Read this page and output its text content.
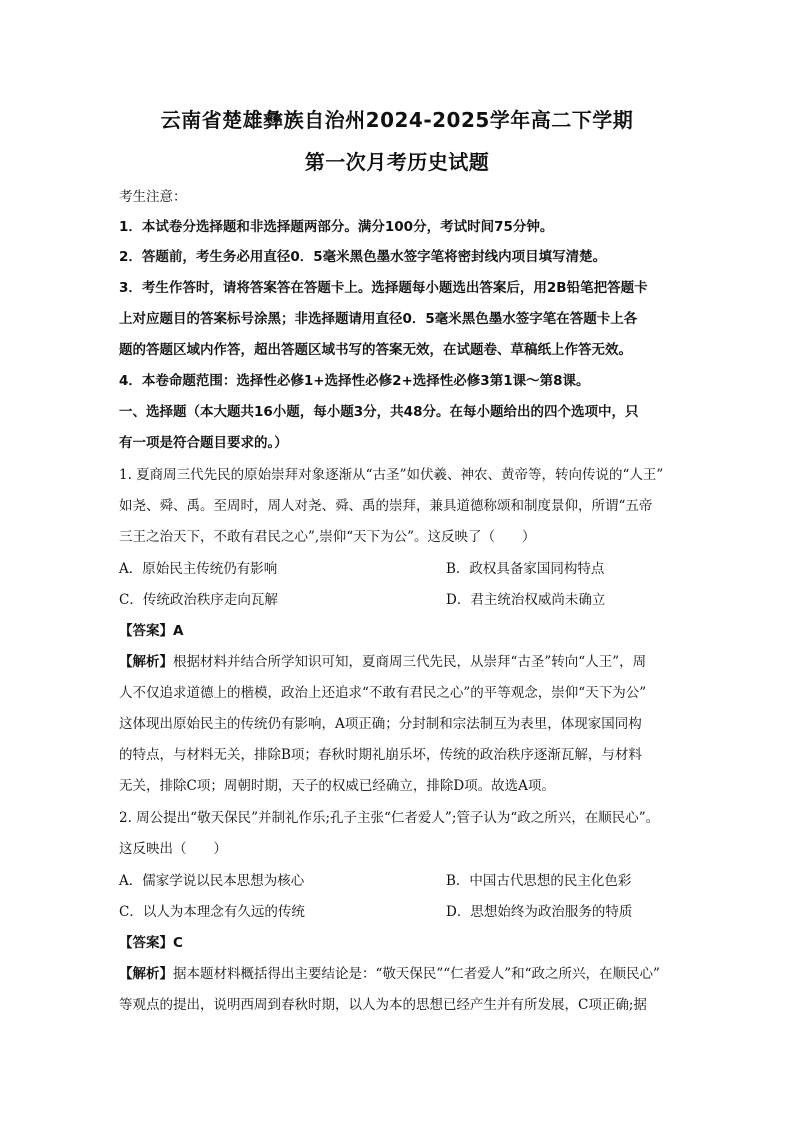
云南省楚雄彝族自治州2024-2025学年高二下学期
第一次月考历史试题
考生注意：
1．本试卷分选择题和非选择题两部分。满分100分，考试时间75分钟。
2．答题前，考生务必用直径0．5毫米黑色墨水签字笔将密封线内项目填写清楚。
3．考生作答时，请将答案答在答题卡上。选择题每小题选出答案后，用2B铅笔把答题卡
上对应题目的答案标号涂黑；非选择题请用直径0．5毫米黑色墨水签字笔在答题卡上各
题的答题区域内作答，超出答题区域书写的答案无效，在试题卷、草稿纸上作答无效。
4．本卷命题范围：选择性必修1+选择性必修2+选择性必修3第1课～第8课。
一、选择题（本大题共16小题，每小题3分，共48分。在每小题给出的四个选项中，只
有一项是符合题目要求的。）
1. 夏商周三代先民的原始崇拜对象逐渐从“古圣”如伏羲、神农、黄帝等，转向传说的“人王”
如尧、舜、禹。至周时，周人对尧、舜、禹的崇拜，兼具道德称颂和制度景仰，所谓“五帝
三王之治天下，不敢有君民之心”,崇仰“天下为公”。这反映了（　　）
A．原始民主传统仍有影响	B．政权具备家国同构特点
C．传统政治秩序走向瓦解	D．君主统治权威尚未确立
【答案】A
【解析】根据材料并结合所学知识可知，夏商周三代先民，从崇拜“古圣”转向“人王”，周
人不仅追求道德上的楷模，政治上还追求“不敢有君民之心”的平等观念，崇仰“天下为公”
这体现出原始民主的传统仍有影响，A项正确；分封制和宗法制互为表里，体现家国同构
的特点，与材料无关，排除B项；春秋时期礼崩乐坏，传统的政治秩序逐渐瓦解，与材料
无关，排除C项；周朝时期，天子的权威已经确立，排除D项。故选A项。
2. 周公提出“敬天保民”并制礼作乐;孔子主张“仁者爱人”;管子认为“政之所兴，在顺民心”。
这反映出（　　）
A．儒家学说以民本思想为核心	B．中国古代思想的民主化色彩
C．以人为本理念有久远的传统	D．思想始终为政治服务的特质
【答案】C
【解析】据本题材料概括得出主要结论是：“敬天保民”“仁者爱人”和“政之所兴，在顺民心”
等观点的提出，说明西周到春秋时期，以人为本的思想已经产生并有所发展，C项正确;据
